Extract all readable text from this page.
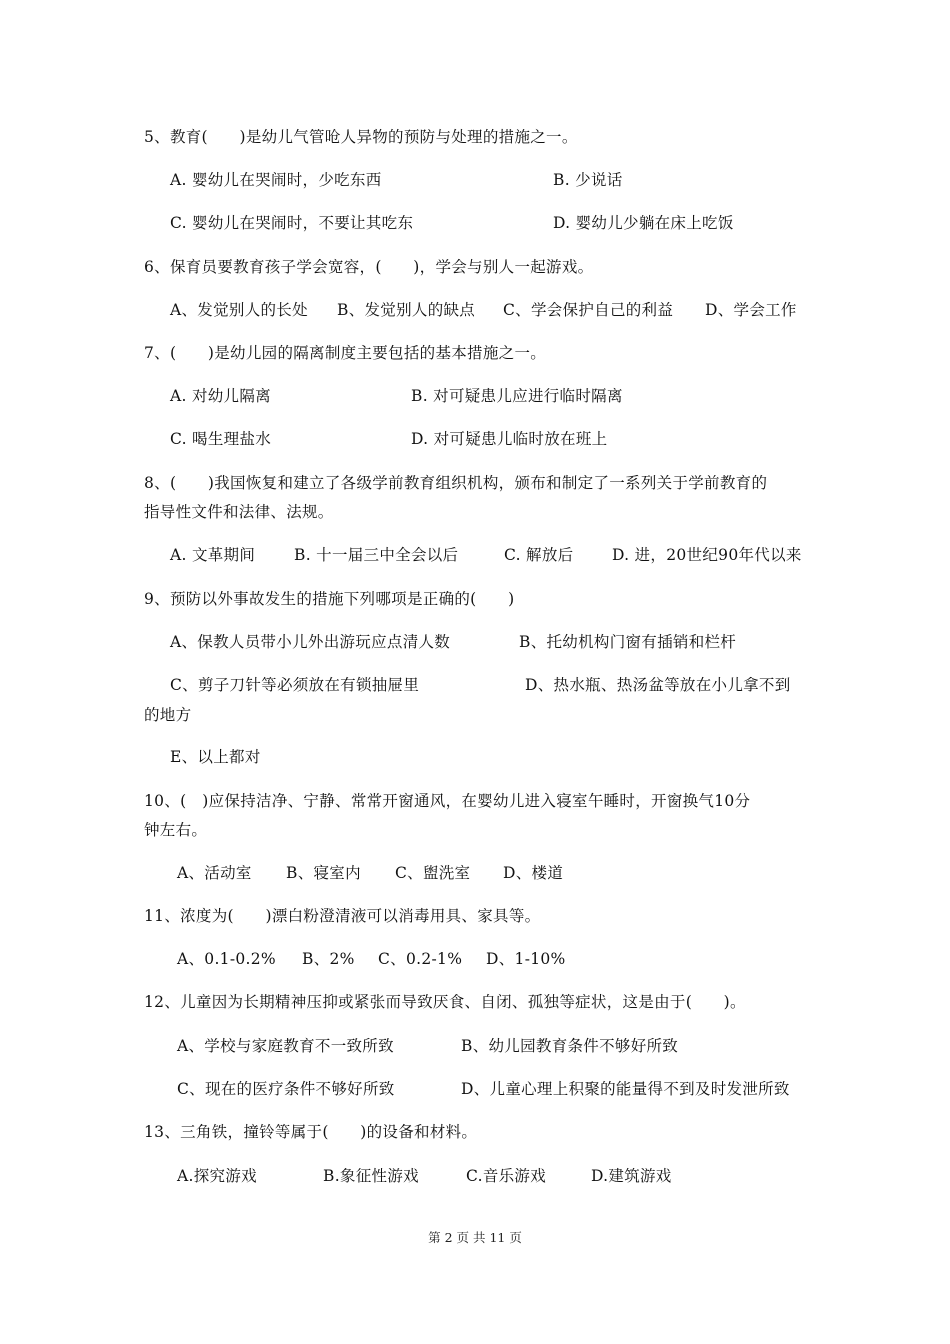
5、教育(　　)是幼儿气管呛人异物的预防与处理的措施之一。
A. 婴幼儿在哭闹时，少吃东西	B. 少说话
C. 婴幼儿在哭闹时，不要让其吃东	D. 婴幼儿少躺在床上吃饭
6、保育员要教育孩子学会宽容，(　　)，学会与别人一起游戏。
A、发觉别人的长处 B、发觉别人的缺点 C、学会保护自己的利益 D、学会工作
7、(　　)是幼儿园的隔离制度主要包括的基本措施之一。
A. 对幼儿隔离	B. 对可疑患儿应进行临时隔离
C. 喝生理盐水	D. 对可疑患儿临时放在班上
8、(　　)我国恢复和建立了各级学前教育组织机构，颁布和制定了一系列关于学前教育的
指导性文件和法律、法规。
A. 文革期间	B. 十一届三中全会以后	C. 解放后 D. 进，20世纪90年代以来
9、预防以外事故发生的措施下列哪项是正确的(　　)
A、保教人员带小儿外出游玩应点清人数	B、托幼机构门窗有插销和栏杆
C、剪子刀针等必须放在有锁抽屉里	D、热水瓶、热汤盆等放在小儿拿不到
的地方
E、以上都对
10、(　)应保持洁净、宁静、常常开窗通风，在婴幼儿进入寝室午睡时，开窗换气10分
钟左右。
A、活动室 B、寝室内 C、盥洗室 D、楼道
11、浓度为(　　)漂白粉澄清液可以消毒用具、家具等。
A、0.1-0.2% B、2% C、0.2-1% D、1-10%
12、儿童因为长期精神压抑或紧张而导致厌食、自闭、孤独等症状，这是由于(　　)。
A、学校与家庭教育不一致所致	B、幼儿园教育条件不够好所致
C、现在的医疗条件不够好所致	D、儿童心理上积聚的能量得不到及时发泄所致
13、三角铁，撞铃等属于(　　)的设备和材料。
A.探究游戏	B.象征性游戏	C.音乐游戏	D.建筑游戏
第 2 页 共 11 页
